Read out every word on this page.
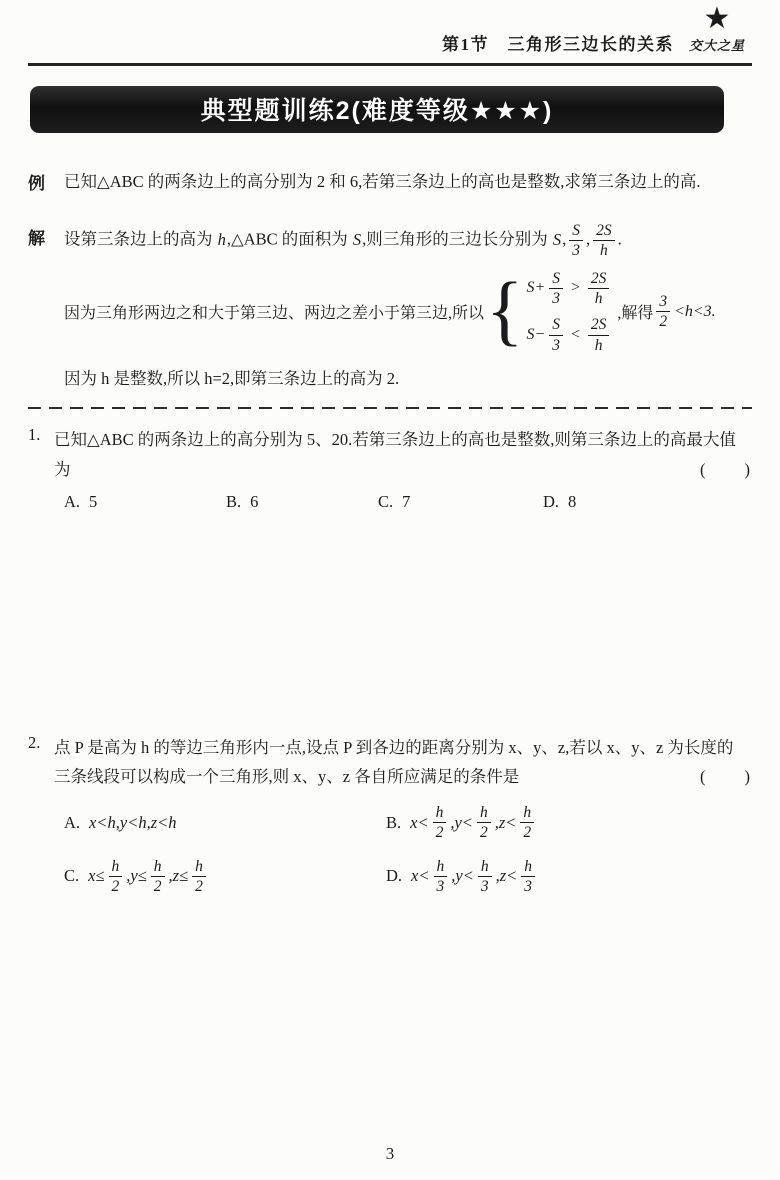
第1节　三角形三边长的关系
★
交大之星
典型题训练2(难度等级★★★)
例	已知△ABC 的两条边上的高分别为 2 和 6,若第三条边上的高也是整数,求第三条边上的高.

解	设第三条边上的高为 h,△ABC 的面积为 S,则三角形的三边长分别为 S, $\frac{S}{3}$ , $\frac{2S}{h}$ .

因为三角形两边之和大于第三边、两边之差小于第三边,所以 { $S+ \frac{S}{3} > \frac{2S}{h}$
$S- \frac{S}{3} < \frac{2S}{h}$
,解得 $\frac{3}{2} <h<3$.

因为 h 是整数,所以 h=2,即第三条边上的高为 2.

1. 已知△ABC 的两条边上的高分别为 5、20.若第三条边上的高也是整数,则第三条边上的高最大值为	(　　)

A. 5	B. 6	C. 7	D. 8
2. 点 P 是高为 h 的等边三角形内一点,设点 P 到各边的距离分别为 x、y、z,若以 x、y、z 为长度的三条线段可以构成一个三角形,则 x、y、z 各自所应满足的条件是	(　　)

A. x<h,y<h,z<h	B. $x< \frac{h}{2} ,y< \frac{h}{2} ,z< \frac{h}{2}$
C. $x\le \frac{h}{2} ,y\le \frac{h}{2} ,z\le \frac{h}{2}$	D. $x< \frac{h}{3} ,y< \frac{h}{3} ,z< \frac{h}{3}$
3
